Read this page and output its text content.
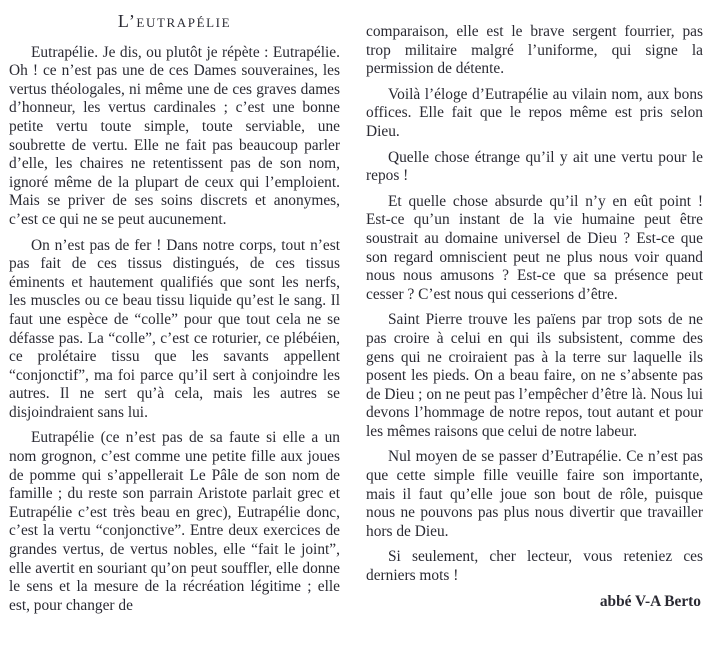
L’eutrapélie

Eutrapélie. Je dis, ou plutôt je répète : Eutrapélie. Oh ! ce n’est pas une de ces Dames souveraines, les vertus théologales, ni même une de ces graves dames d’honneur, les vertus cardinales ; c’est une bonne petite vertu toute simple, toute serviable, une soubrette de vertu. Elle ne fait pas beaucoup parler d’elle, les chaires ne retentissent pas de son nom, ignoré même de la plupart de ceux qui l’emploient. Mais se priver de ses soins discrets et anonymes, c’est ce qui ne se peut aucunement.

On n’est pas de fer ! Dans notre corps, tout n’est pas fait de ces tissus distingués, de ces tissus éminents et hautement qualifiés que sont les nerfs, les muscles ou ce beau tissu liquide qu’est le sang. Il faut une espèce de “colle” pour que tout cela ne se défasse pas. La “colle”, c’est ce roturier, ce plébéien, ce prolétaire tissu que les savants appellent “conjonctif”, ma foi parce qu’il sert à conjoindre les autres. Il ne sert qu’à cela, mais les autres se disjoindraient sans lui.

Eutrapélie (ce n’est pas de sa faute si elle a un nom grognon, c’est comme une petite fille aux joues de pomme qui s’appellerait Le Pâle de son nom de famille ; du reste son parrain Aristote parlait grec et Eutrapélie c’est très beau en grec), Eutrapélie donc, c’est la vertu “conjonctive”. Entre deux exercices de grandes vertus, de vertus nobles, elle “fait le joint”, elle avertit en souriant qu’on peut souffler, elle donne le sens et la mesure de la récréation légitime ; elle est, pour changer de

comparaison, elle est le brave sergent fourrier, pas trop militaire malgré l’uniforme, qui signe la permission de détente.

Voilà l’éloge d’Eutrapélie au vilain nom, aux bons offices. Elle fait que le repos même est pris selon Dieu.

Quelle chose étrange qu’il y ait une vertu pour le repos !

Et quelle chose absurde qu’il n’y en eût point ! Est-ce qu’un instant de la vie humaine peut être soustrait au domaine universel de Dieu ? Est-ce que son regard omniscient peut ne plus nous voir quand nous nous amusons ? Est-ce que sa présence peut cesser ? C’est nous qui cesserions d’être.

Saint Pierre trouve les païens par trop sots de ne pas croire à celui en qui ils subsistent, comme des gens qui ne croiraient pas à la terre sur laquelle ils posent les pieds. On a beau faire, on ne s’absente pas de Dieu ; on ne peut pas l’empêcher d’être là. Nous lui devons l’hommage de notre repos, tout autant et pour les mêmes raisons que celui de notre labeur.

Nul moyen de se passer d’Eutrapélie. Ce n’est pas que cette simple fille veuille faire son importante, mais il faut qu’elle joue son bout de rôle, puisque nous ne pouvons pas plus nous divertir que travailler hors de Dieu.

Si seulement, cher lecteur, vous reteniez ces derniers mots !

abbé V-A Berto
